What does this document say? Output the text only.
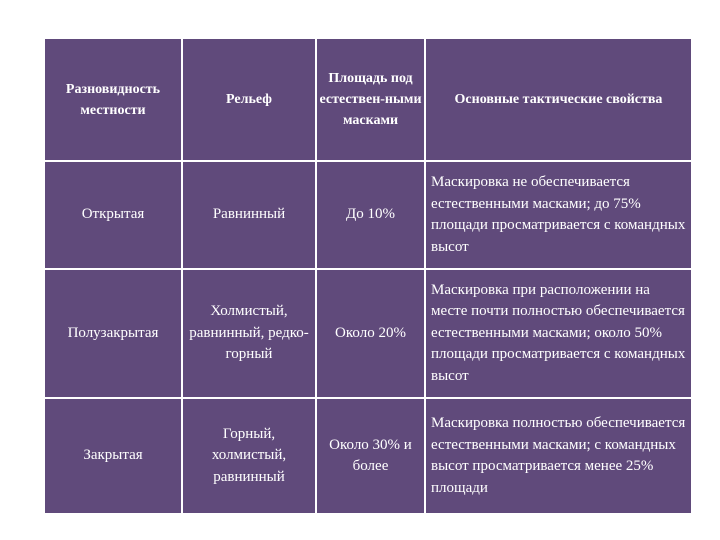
Разновидность местности	Рельеф	Площадь под естествен-ными масками	Основные тактические свойства
Открытая	Равнинный	До 10%	Маскировка не обеспечивается естественными масками; до 75% площади просматривается с командных высот
Полузакрытая	Холмистый, равнинный, редко-горный	Около 20%	Маскировка при расположении на месте почти полностью обеспечивается естественными масками; около 50% площади просматривается с командных высот
Закрытая	Горный, холмистый, равнинный	Около 30% и более	Маскировка полностью обеспечивается естественными масками; с командных высот просматривается менее 25% площади
